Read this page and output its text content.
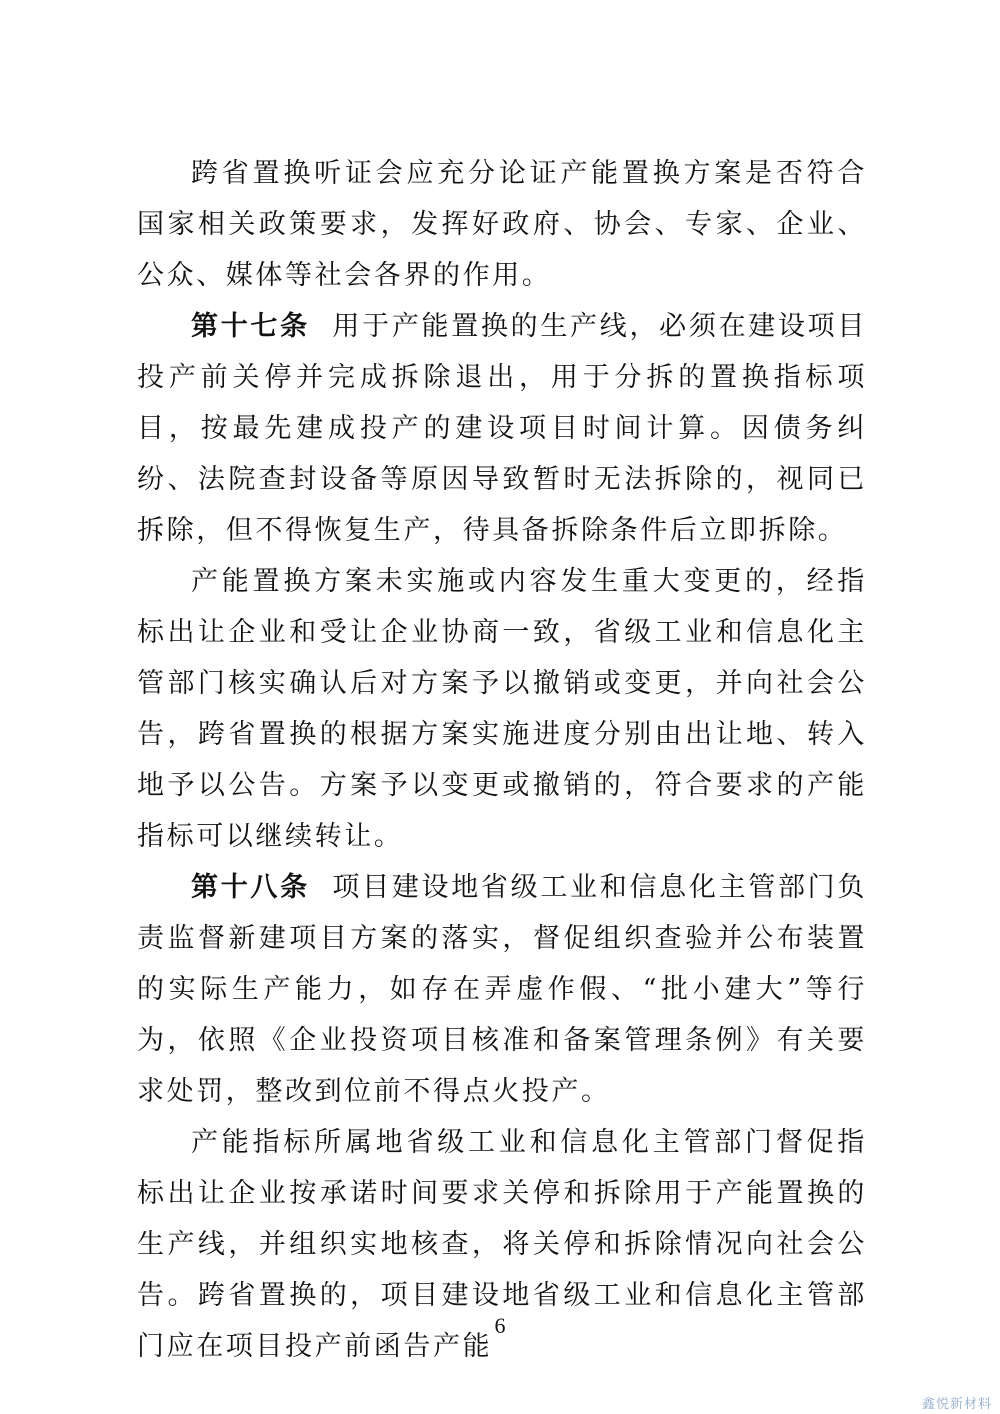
跨省置换听证会应充分论证产能置换方案是否符合国家相关政策要求，发挥好政府、协会、专家、企业、公众、媒体等社会各界的作用。

第十七条 用于产能置换的生产线，必须在建设项目投产前关停并完成拆除退出，用于分拆的置换指标项目，按最先建成投产的建设项目时间计算。因债务纠纷、法院查封设备等原因导致暂时无法拆除的，视同已拆除，但不得恢复生产，待具备拆除条件后立即拆除。

产能置换方案未实施或内容发生重大变更的，经指标出让企业和受让企业协商一致，省级工业和信息化主管部门核实确认后对方案予以撤销或变更，并向社会公告，跨省置换的根据方案实施进度分别由出让地、转入地予以公告。方案予以变更或撤销的，符合要求的产能指标可以继续转让。

第十八条 项目建设地省级工业和信息化主管部门负责监督新建项目方案的落实，督促组织查验并公布装置的实际生产能力，如存在弄虚作假、“批小建大”等行为，依照《企业投资项目核准和备案管理条例》有关要求处罚，整改到位前不得点火投产。

产能指标所属地省级工业和信息化主管部门督促指标出让企业按承诺时间要求关停和拆除用于产能置换的生产线，并组织实地核查，将关停和拆除情况向社会公告。跨省置换的，项目建设地省级工业和信息化主管部门应在项目投产前函告产能

6
鑫悦新材料
